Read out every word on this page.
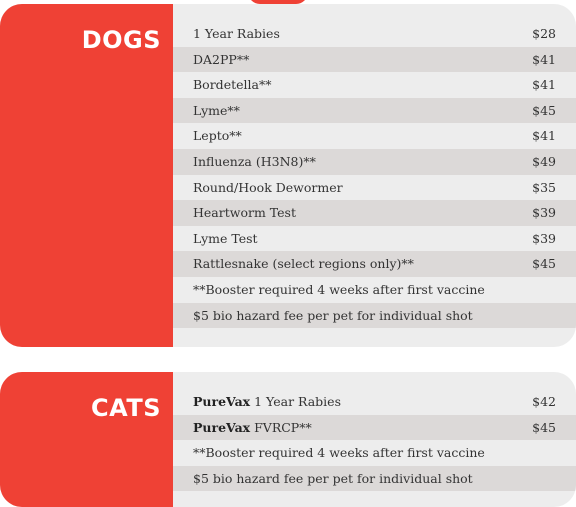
DOGS	1 Year Rabies	$28
DA2PP**	$41
Bordetella**	$41
Lyme**	$45
Lepto**	$41
Influenza (H3N8)**	$49
Round/Hook Dewormer	$35
Heartworm Test	$39
Lyme Test	$39
Rattlesnake (select regions only)**	$45
**Booster required 4 weeks after first vaccine
$5 bio hazard fee per pet for individual shot
CATS	PureVax 1 Year Rabies	$42
PureVax FVRCP**	$45
**Booster required 4 weeks after first vaccine
$5 bio hazard fee per pet for individual shot
